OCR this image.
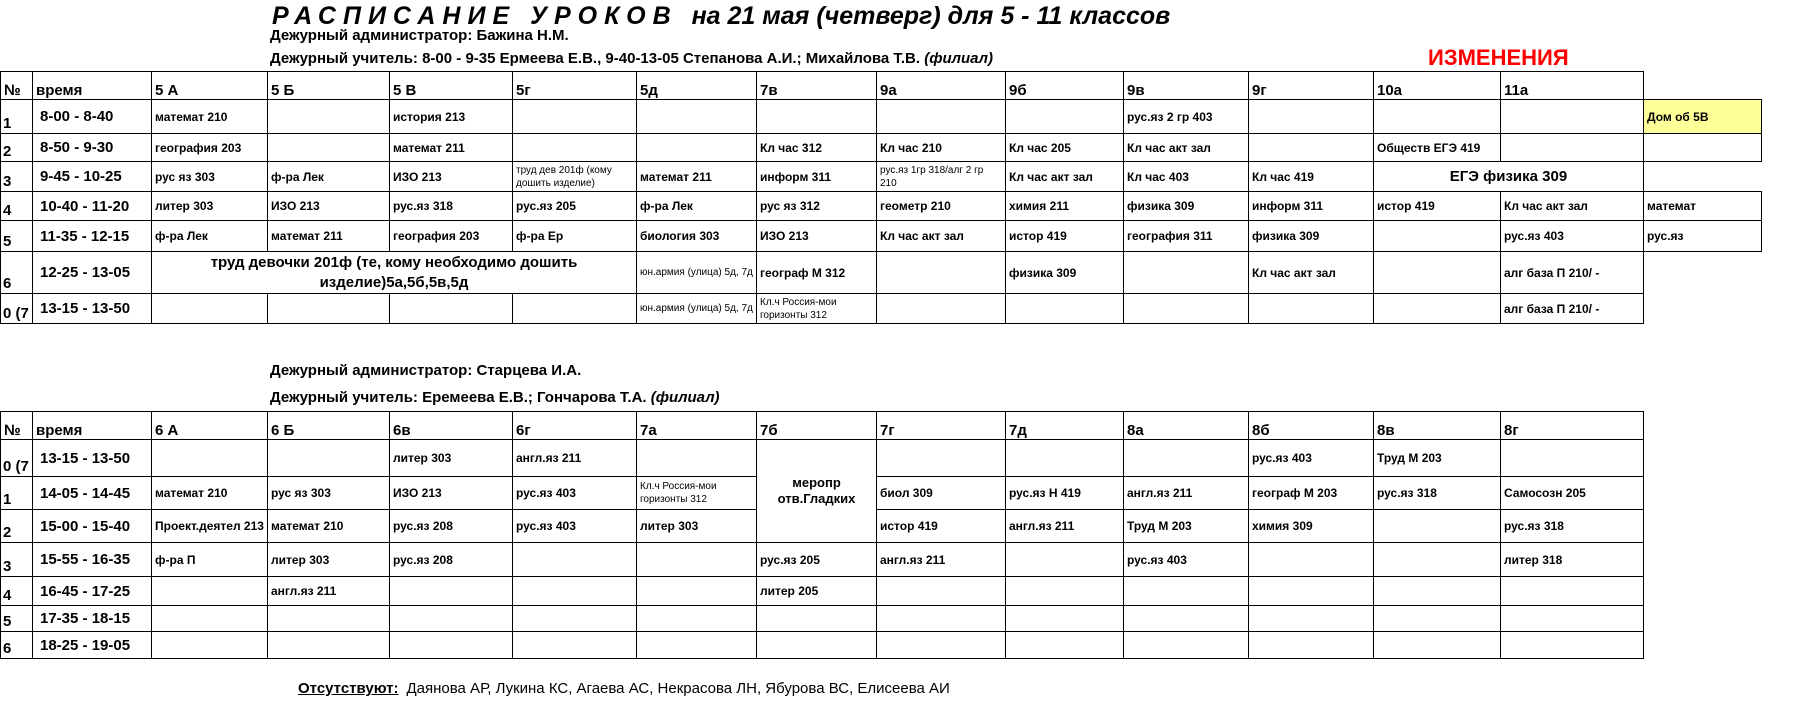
РАСПИСАНИЕ УРОКОВ на 21 мая (четверг) для 5 - 11 классов
Дежурный администратор: Бажина Н.М.
Дежурный учитель: 8-00 - 9-35 Ермеева Е.В., 9-40-13-05 Степанова А.И.; Михайлова Т.В. (филиал)	ИЗМЕНЕНИЯ
№	время	5 А	5 Б	5 В	5г	5д	7в	9а	9б	9в	9г	10а	11а	
1	8-00 - 8-40	математ 210		история 213						рус.яз 2 гр 403				Дом об 5В
2	8-50 - 9-30	география 203		математ 211			Кл час 312	Кл час 210	Кл час 205	Кл час акт зал		Обществ ЕГЭ 419		
3	9-45 - 10-25	рус яз 303	ф-ра Лек	ИЗО 213	труд дев 201ф (кому дошить изделие)	математ 211	информ 311	рус.яз 1гр 318/алг 2 гр 210	Кл час акт зал	Кл час 403	Кл час 419	ЕГЭ физика 309		
4	10-40 - 11-20	литер 303	ИЗО 213	рус.яз 318	рус.яз 205	ф-ра Лек	рус яз 312	геометр 210	химия 211	физика 309	информ 311	истор 419	Кл час акт зал	математ
5	11-35 - 12-15	ф-ра Лек	математ 211	география 203	ф-ра Ер	биология 303	ИЗО 213	Кл час акт зал	истор 419	география 311	физика 309		рус.яз 403	рус.яз
6	12-25 - 13-05	труд девочки 201ф (те, кому необходимо дошить изделие)5а,5б,5в,5д				юн.армия (улица) 5д, 7д	географ М 312		физика 309		Кл час акт зал		алг база П 210/ -	
0 (7	13-15 - 13-50					юн.армия (улица) 5д, 7д	Кл.ч Россия-мои горизонты 312						алг база П 210/ -	
Дежурный администратор: Старцева И.А.
Дежурный учитель: Еремеева Е.В.; Гончарова Т.А. (филиал)
№	время	6 А	6 Б	6в	6г	7а	7б	7г	7д	8а	8б	8в	8г
0 (7	13-15 - 13-50			литер 303	англ.яз 211		меропр отв.Гладких				рус.яз 403	Труд М 203	
1	14-05 - 14-45	математ 210	рус яз 303	ИЗО 213	рус.яз 403	Кл.ч Россия-мои горизонты 312		биол 309	рус.яз Н 419	англ.яз 211	географ М 203	рус.яз 318	Самосозн 205
2	15-00 - 15-40	Проект.деятел 213	математ 210	рус.яз 208	рус.яз 403	литер 303		истор 419	англ.яз 211	Труд М 203	химия 309		рус.яз 318
3	15-55 - 16-35	ф-ра П	литер 303	рус.яз 208			рус.яз 205	англ.яз 211		рус.яз 403			литер 318
4	16-45 - 17-25		англ.яз 211				литер 205						
5	17-35 - 18-15												
6	18-25 - 19-05												
Отсутствуют: Даянова АР, Лукина КС, Агаева АС, Некрасова ЛН, Ябурова ВС, Елисеева АИ
